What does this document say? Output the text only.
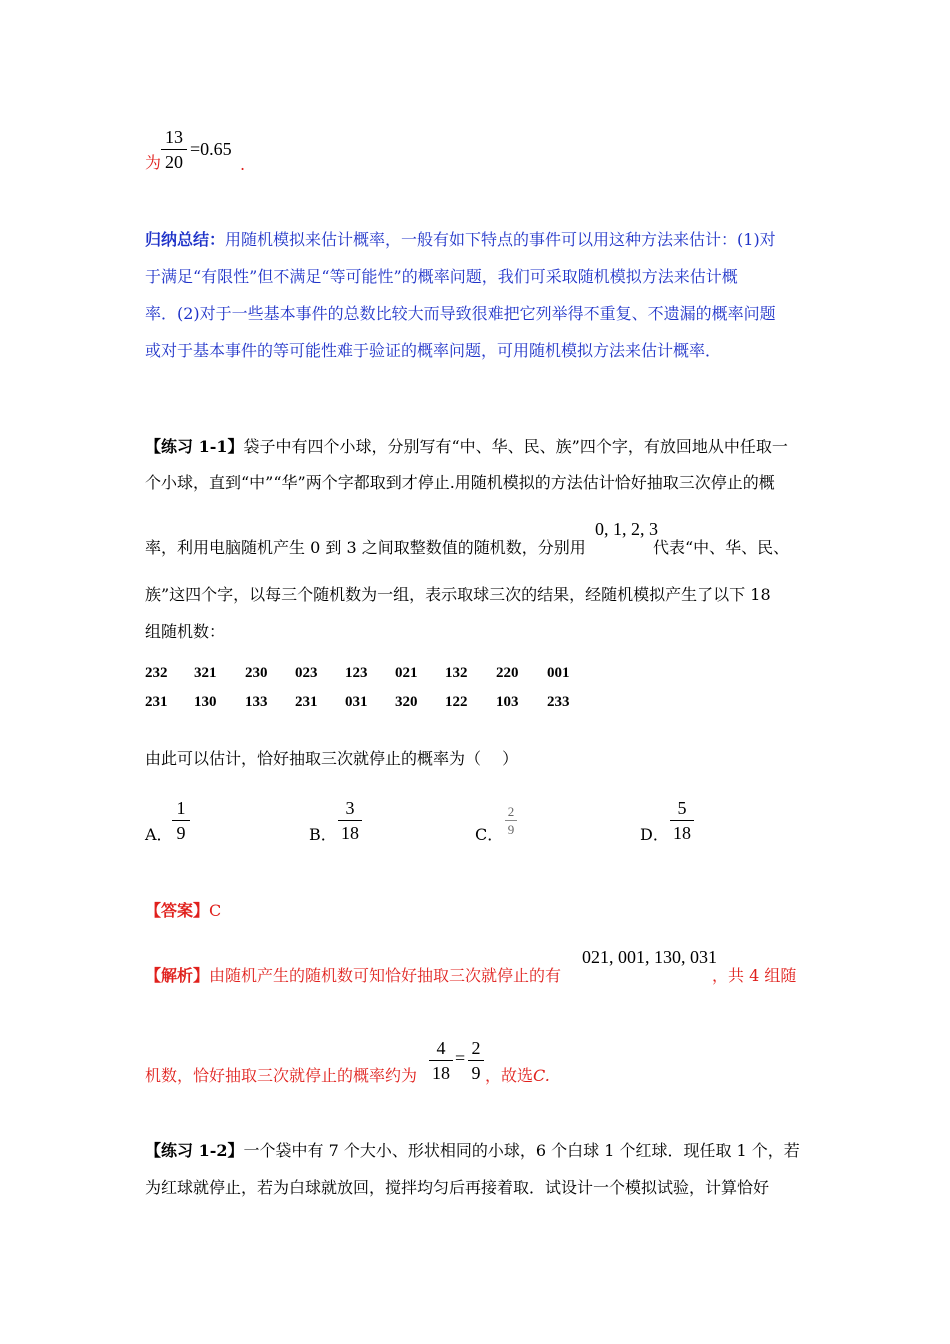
为
13
20
=0.65
.
归纳总结：用随机模拟来估计概率，一般有如下特点的事件可以用这种方法来估计：(1)对
于满足“有限性”但不满足“等可能性”的概率问题，我们可采取随机模拟方法来估计概
率．(2)对于一些基本事件的总数比较大而导致很难把它列举得不重复、不遗漏的概率问题
或对于基本事件的等可能性难于验证的概率问题，可用随机模拟方法来估计概率．
【练习 1-1】袋子中有四个小球，分别写有“中、华、民、族”四个字，有放回地从中任取一
个小球，直到“中”“华”两个字都取到才停止.用随机模拟的方法估计恰好抽取三次停止的概
率，利用电脑随机产生 0 到 3 之间取整数值的随机数，分别用
0, 1, 2, 3
代表“中、华、民、
族”这四个字，以每三个随机数为一组，表示取球三次的结果，经随机模拟产生了以下 18
组随机数：
232 321 230 023 123 021 132 220 001
231 130 133 231 031 320 122 103 233
由此可以估计，恰好抽取三次就停止的概率为（　 ）
A．
1
9	B．
3
18	C．
2
9	D．
5
18
【答案】C
【解析】由随机产生的随机数可知恰好抽取三次就停止的有
021, 001, 130, 031
，共 4 组随
机数，恰好抽取三次就停止的概率约为
4
18
= 2
9 ，故选C.
【练习 1-2】一个袋中有 7 个大小、形状相同的小球，6 个白球 1 个红球．现任取 1 个，若
为红球就停止，若为白球就放回，搅拌均匀后再接着取．试设计一个模拟试验，计算恰好
